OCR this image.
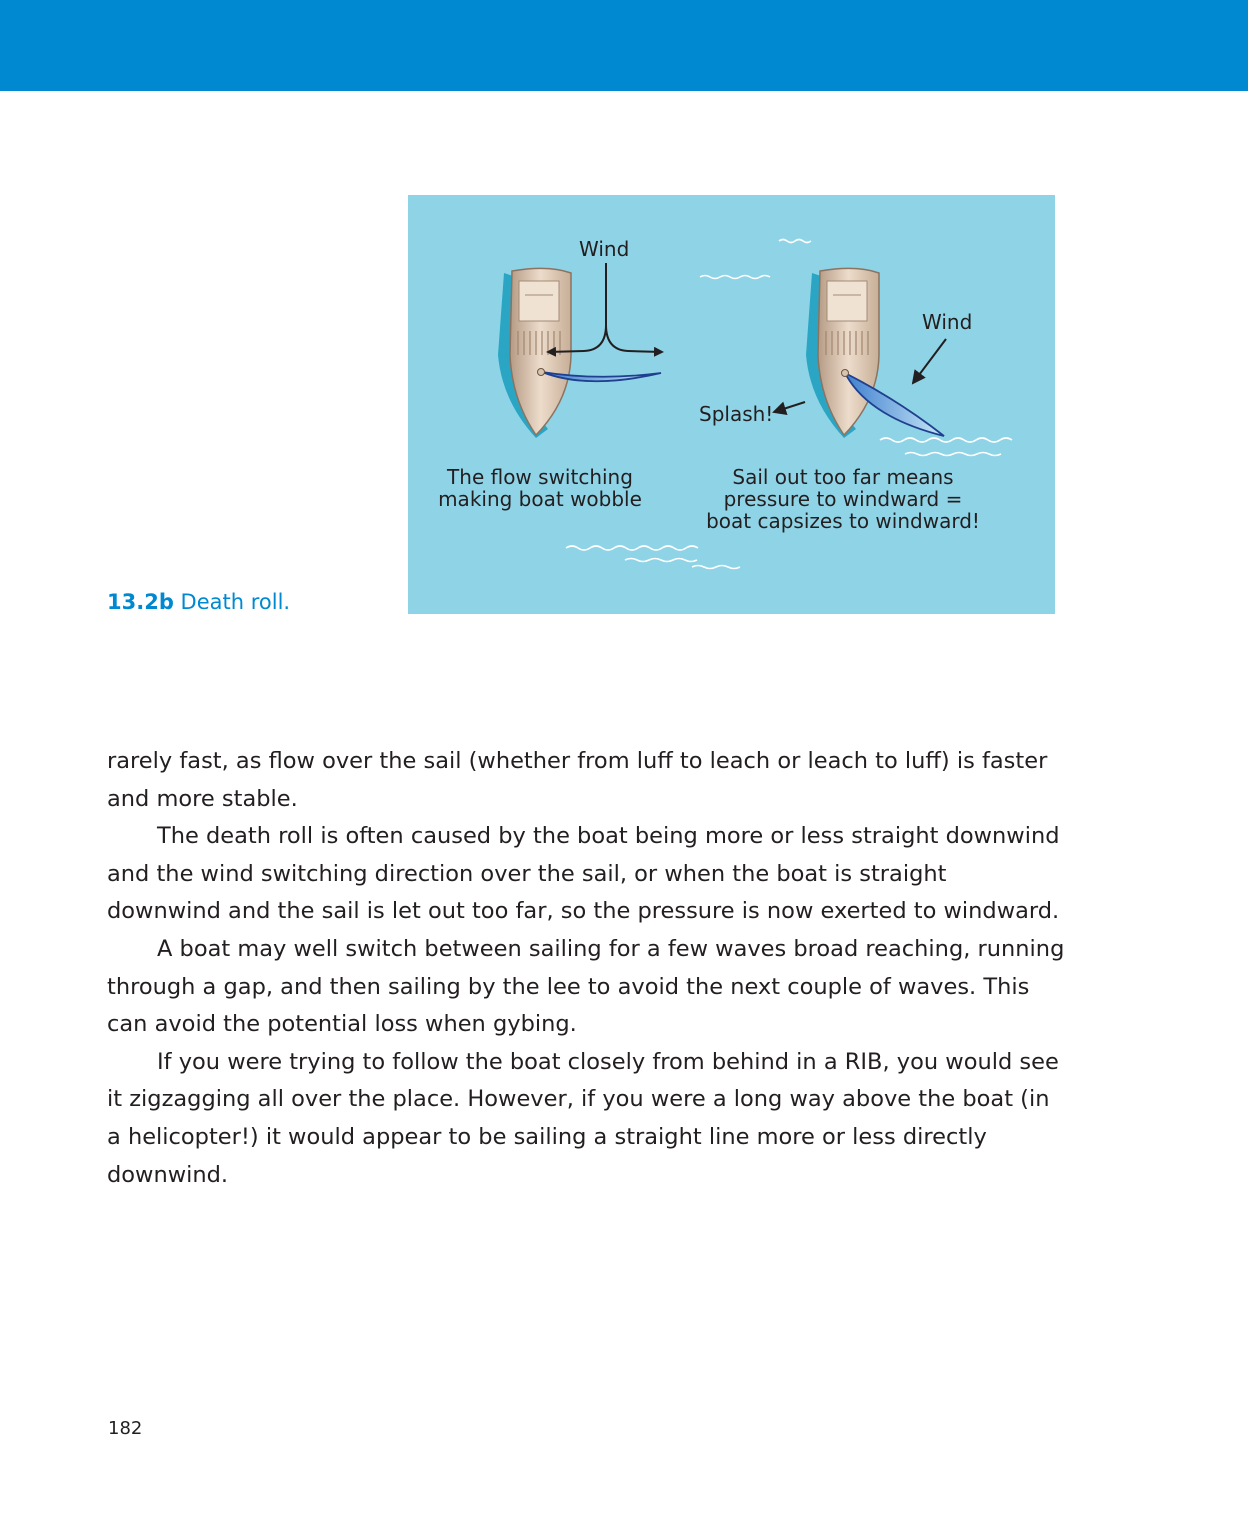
13.2b Death roll.
Wind
Wind
Splash!
The flow switching
making boat wobble
Sail out too far means
pressure to windward =
boat capsizes to windward!

rarely fast, as flow over the sail (whether from luff to leach or leach to luff) is faster and more stable.

The death roll is often caused by the boat being more or less straight downwind and the wind switching direction over the sail, or when the boat is straight downwind and the sail is let out too far, so the pressure is now exerted to windward.

A boat may well switch between sailing for a few waves broad reaching, running through a gap, and then sailing by the lee to avoid the next couple of waves. This can avoid the potential loss when gybing.

If you were trying to follow the boat closely from behind in a RIB, you would see it zigzagging all over the place. However, if you were a long way above the boat (in a helicopter!) it would appear to be sailing a straight line more or less directly downwind.

182
